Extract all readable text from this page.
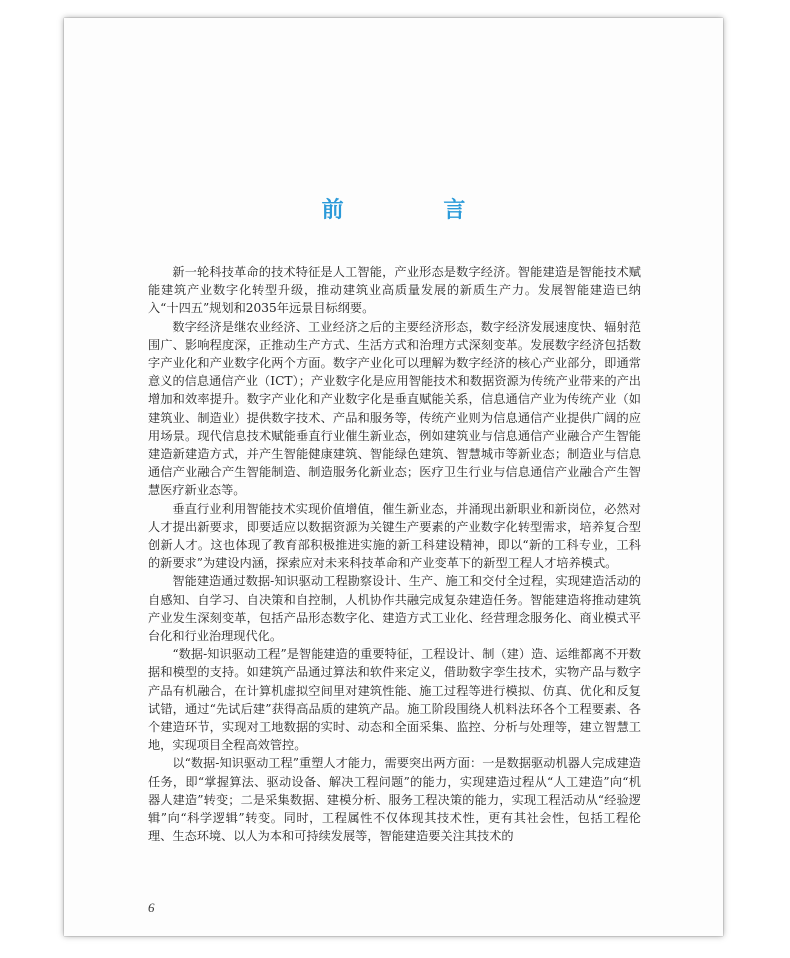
前 言

新一轮科技革命的技术特征是人工智能，产业形态是数字经济。智能建造是智能技术赋能建筑产业数字化转型升级，推动建筑业高质量发展的新质生产力。发展智能建造已纳入“十四五”规划和2035年远景目标纲要。

数字经济是继农业经济、工业经济之后的主要经济形态，数字经济发展速度快、辐射范围广、影响程度深，正推动生产方式、生活方式和治理方式深刻变革。发展数字经济包括数字产业化和产业数字化两个方面。数字产业化可以理解为数字经济的核心产业部分，即通常意义的信息通信产业（ICT）；产业数字化是应用智能技术和数据资源为传统产业带来的产出增加和效率提升。数字产业化和产业数字化是垂直赋能关系，信息通信产业为传统产业（如建筑业、制造业）提供数字技术、产品和服务等，传统产业则为信息通信产业提供广阔的应用场景。现代信息技术赋能垂直行业催生新业态，例如建筑业与信息通信产业融合产生智能建造新建造方式，并产生智能健康建筑、智能绿色建筑、智慧城市等新业态；制造业与信息通信产业融合产生智能制造、制造服务化新业态；医疗卫生行业与信息通信产业融合产生智慧医疗新业态等。

垂直行业利用智能技术实现价值增值，催生新业态，并涌现出新职业和新岗位，必然对人才提出新要求，即要适应以数据资源为关键生产要素的产业数字化转型需求，培养复合型创新人才。这也体现了教育部积极推进实施的新工科建设精神，即以“新的工科专业，工科的新要求”为建设内涵，探索应对未来科技革命和产业变革下的新型工程人才培养模式。

智能建造通过数据-知识驱动工程勘察设计、生产、施工和交付全过程，实现建造活动的自感知、自学习、自决策和自控制，人机协作共融完成复杂建造任务。智能建造将推动建筑产业发生深刻变革，包括产品形态数字化、建造方式工业化、经营理念服务化、商业模式平台化和行业治理现代化。

“数据-知识驱动工程”是智能建造的重要特征，工程设计、制（建）造、运维都离不开数据和模型的支持。如建筑产品通过算法和软件来定义，借助数字孪生技术，实物产品与数字产品有机融合，在计算机虚拟空间里对建筑性能、施工过程等进行模拟、仿真、优化和反复试错，通过“先试后建”获得高品质的建筑产品。施工阶段围绕人机料法环各个工程要素、各个建造环节，实现对工地数据的实时、动态和全面采集、监控、分析与处理等，建立智慧工地，实现项目全程高效管控。

以“数据-知识驱动工程”重塑人才能力，需要突出两方面：一是数据驱动机器人完成建造任务，即“掌握算法、驱动设备、解决工程问题”的能力，实现建造过程从“人工建造”向“机器人建造”转变；二是采集数据、建模分析、服务工程决策的能力，实现工程活动从“经验逻辑”向“科学逻辑”转变。同时，工程属性不仅体现其技术性，更有其社会性，包括工程伦理、生态环境、以人为本和可持续发展等，智能建造要关注其技术的

6
